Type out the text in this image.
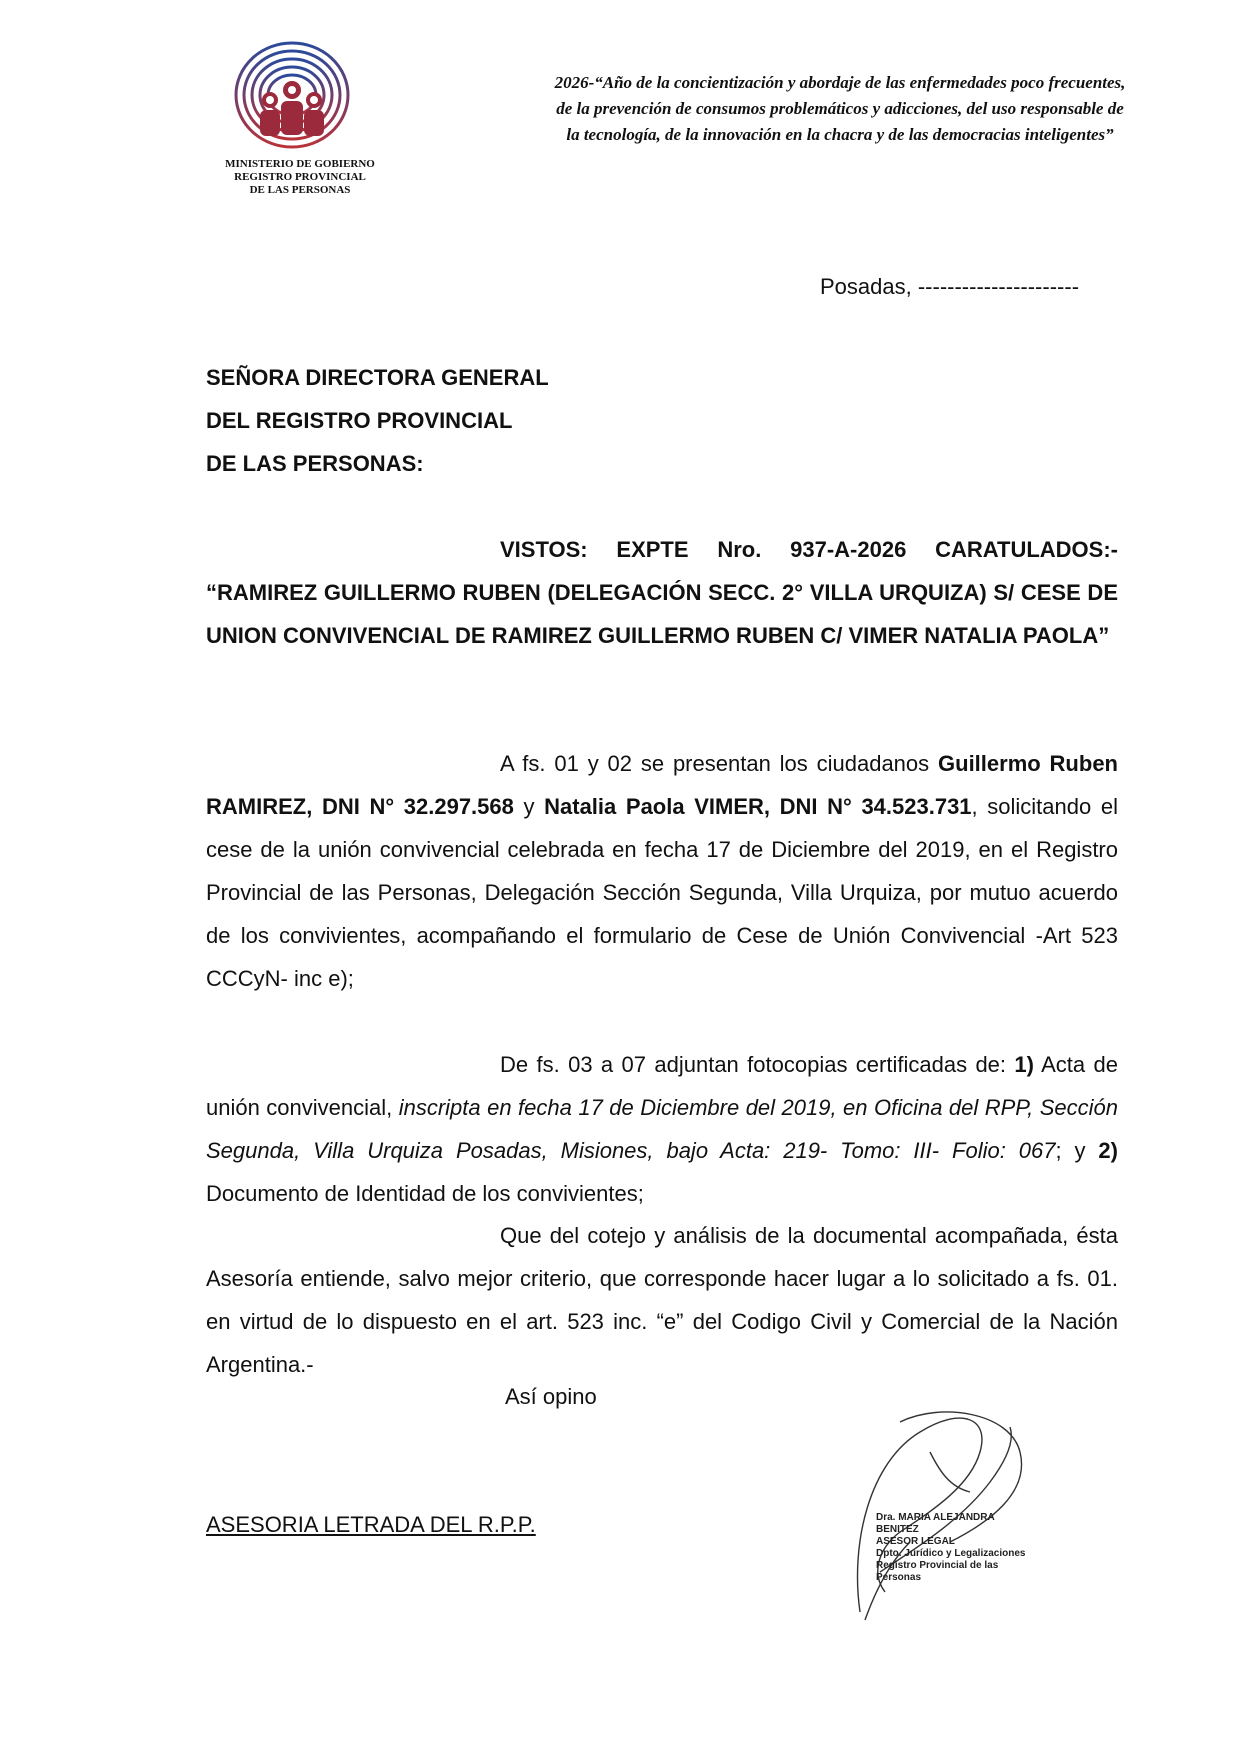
MINISTERIO DE GOBIERNO
REGISTRO PROVINCIAL
DE LAS PERSONAS
2026-“Año de la concientización y abordaje de las enfermedades poco frecuentes,
de la prevención de consumos problemáticos y adicciones, del uso responsable de
la tecnología, de la innovación en la chacra y de las democracias inteligentes”
Posadas, ----------------------
SEÑORA DIRECTORA GENERAL
DEL REGISTRO PROVINCIAL
DE LAS PERSONAS:
VISTOS: EXPTE Nro. 937-A-2026 CARATULADOS:- “RAMIREZ GUILLERMO RUBEN (DELEGACIÓN SECC. 2° VILLA URQUIZA) S/ CESE DE UNION CONVIVENCIAL DE RAMIREZ GUILLERMO RUBEN C/ VIMER NATALIA PAOLA”
A fs. 01 y 02 se presentan los ciudadanos Guillermo Ruben RAMIREZ, DNI N° 32.297.568 y Natalia Paola VIMER, DNI N° 34.523.731, solicitando el cese de la unión convivencial celebrada en fecha 17 de Diciembre del 2019, en el Registro Provincial de las Personas, Delegación Sección Segunda, Villa Urquiza, por mutuo acuerdo de los convivientes, acompañando el formulario de Cese de Unión Convivencial -Art 523 CCCyN- inc e);
De fs. 03 a 07 adjuntan fotocopias certificadas de: 1) Acta de unión convivencial, inscripta en fecha 17 de Diciembre del 2019, en Oficina del RPP, Sección Segunda, Villa Urquiza Posadas, Misiones, bajo Acta: 219- Tomo: III- Folio: 067; y 2) Documento de Identidad de los convivientes;
Que del cotejo y análisis de la documental acompañada, ésta Asesoría entiende, salvo mejor criterio, que corresponde hacer lugar a lo solicitado a fs. 01. en virtud de lo dispuesto en el art. 523 inc. “e” del Codigo Civil y Comercial de la Nación Argentina.-
Así opino
ASESORIA LETRADA DEL R.P.P.	Dra. MARIA ALEJANDRA BENITEZ
ASESOR LEGAL
Dpto. Jurídico y Legalizaciones
Registro Provincial de las Personas
